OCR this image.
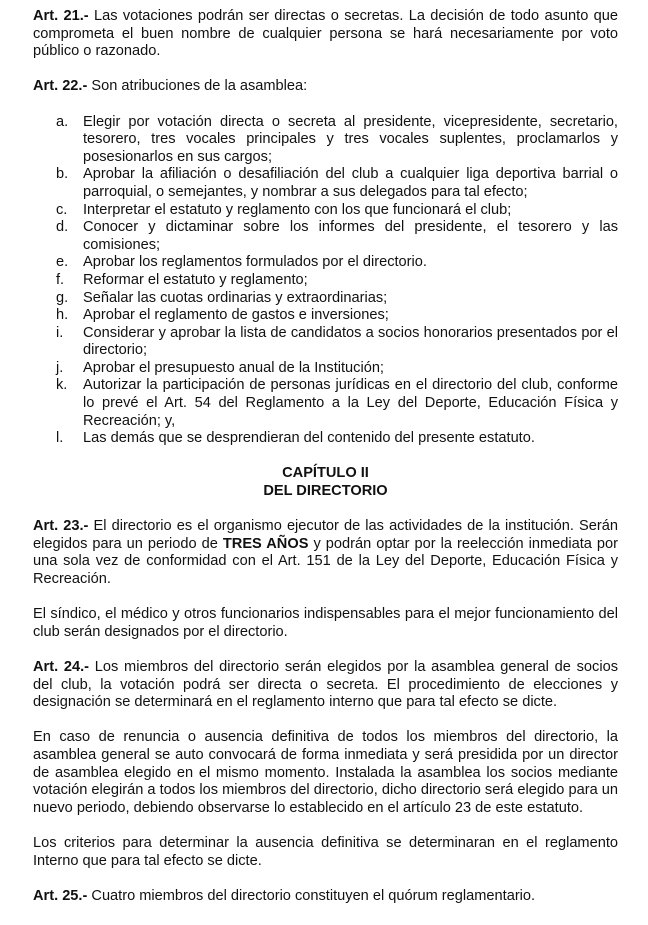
Art. 21.- Las votaciones podrán ser directas o secretas. La decisión de todo asunto que comprometa el buen nombre de cualquier persona se hará necesariamente por voto público o razonado.

Art. 22.- Son atribuciones de la asamblea:

a. Elegir por votación directa o secreta al presidente, vicepresidente, secretario, tesorero, tres vocales principales y tres vocales suplentes, proclamarlos y posesionarlos en sus cargos;
b. Aprobar la afiliación o desafiliación del club a cualquier liga deportiva barrial o parroquial, o semejantes, y nombrar a sus delegados para tal efecto;
c. Interpretar el estatuto y reglamento con los que funcionará el club;
d. Conocer y dictaminar sobre los informes del presidente, el tesorero y las comisiones;
e. Aprobar los reglamentos formulados por el directorio.
f. Reformar el estatuto y reglamento;
g. Señalar las cuotas ordinarias y extraordinarias;
h. Aprobar el reglamento de gastos e inversiones;
i. Considerar y aprobar la lista de candidatos a socios honorarios presentados por el directorio;
j. Aprobar el presupuesto anual de la Institución;
k. Autorizar la participación de personas jurídicas en el directorio del club, conforme lo prevé el Art. 54 del Reglamento a la Ley del Deporte, Educación Física y Recreación; y,
l. Las demás que se desprendieran del contenido del presente estatuto.

CAPÍTULO II

DEL DIRECTORIO

Art. 23.- El directorio es el organismo ejecutor de las actividades de la institución. Serán elegidos para un periodo de TRES AÑOS y podrán optar por la reelección inmediata por una sola vez de conformidad con el Art. 151 de la Ley del Deporte, Educación Física y Recreación.

El síndico, el médico y otros funcionarios indispensables para el mejor funcionamiento del club serán designados por el directorio.

Art. 24.- Los miembros del directorio serán elegidos por la asamblea general de socios del club, la votación podrá ser directa o secreta. El procedimiento de elecciones y designación se determinará en el reglamento interno que para tal efecto se dicte.

En caso de renuncia o ausencia definitiva de todos los miembros del directorio, la asamblea general se auto convocará de forma inmediata y será presidida por un director de asamblea elegido en el mismo momento. Instalada la asamblea los socios mediante votación elegirán a todos los miembros del directorio, dicho directorio será elegido para un nuevo periodo, debiendo observarse lo establecido en el artículo 23 de este estatuto.

Los criterios para determinar la ausencia definitiva se determinaran en el reglamento Interno que para tal efecto se dicte.

Art. 25.- Cuatro miembros del directorio constituyen el quórum reglamentario.
